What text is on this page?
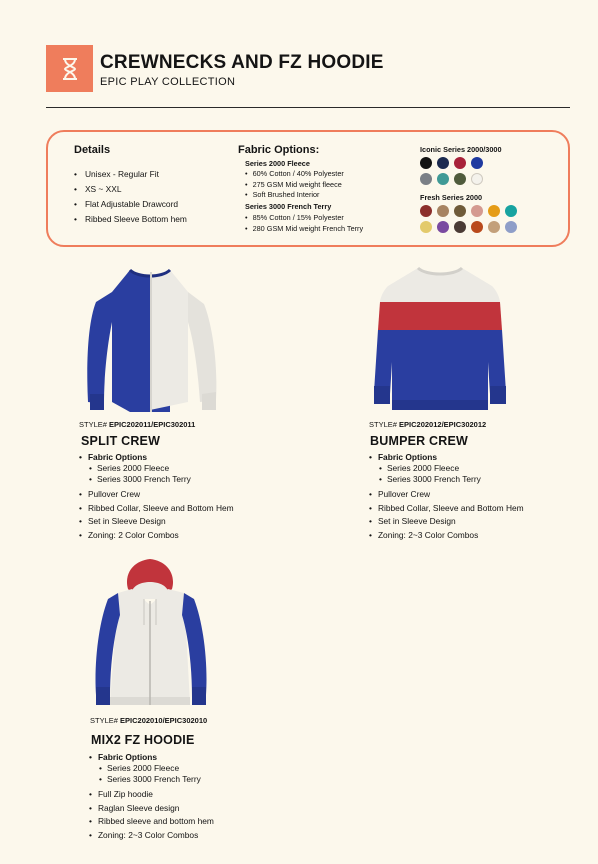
CREWNECKS AND FZ HOODIE
EPIC PLAY COLLECTION
Details
• Unisex - Regular Fit
• XS ~ XXL
• Flat Adjustable Drawcord
• Ribbed Sleeve Bottom hem
Fabric Options:
Series 2000 Fleece
• 60% Cotton / 40% Polyester
• 275 GSM Mid weight fleece
• Soft Brushed Interior
Series 3000 French Terry
• 85% Cotton / 15% Polyester
• 280 GSM Mid weight French Terry
Iconic Series 2000/3000
Fresh Series 2000
STYLE# EPIC202011/EPIC302011
SPLIT CREW
• Fabric Options
• Series 2000 Fleece
• Series 3000 French Terry
• Pullover Crew
• Ribbed Collar, Sleeve and Bottom Hem
• Set in Sleeve Design
• Zoning: 2 Color Combos
STYLE# EPIC202012/EPIC302012
BUMPER CREW
• Fabric Options
• Series 2000 Fleece
• Series 3000 French Terry
• Pullover Crew
• Ribbed Collar, Sleeve and Bottom Hem
• Set in Sleeve Design
• Zoning: 2~3 Color Combos
STYLE# EPIC202010/EPIC302010
MIX2 FZ HOODIE
• Fabric Options
• Series 2000 Fleece
• Series 3000 French Terry
• Full Zip hoodie
• Raglan Sleeve design
• Ribbed sleeve and bottom hem
• Zoning: 2~3 Color Combos
